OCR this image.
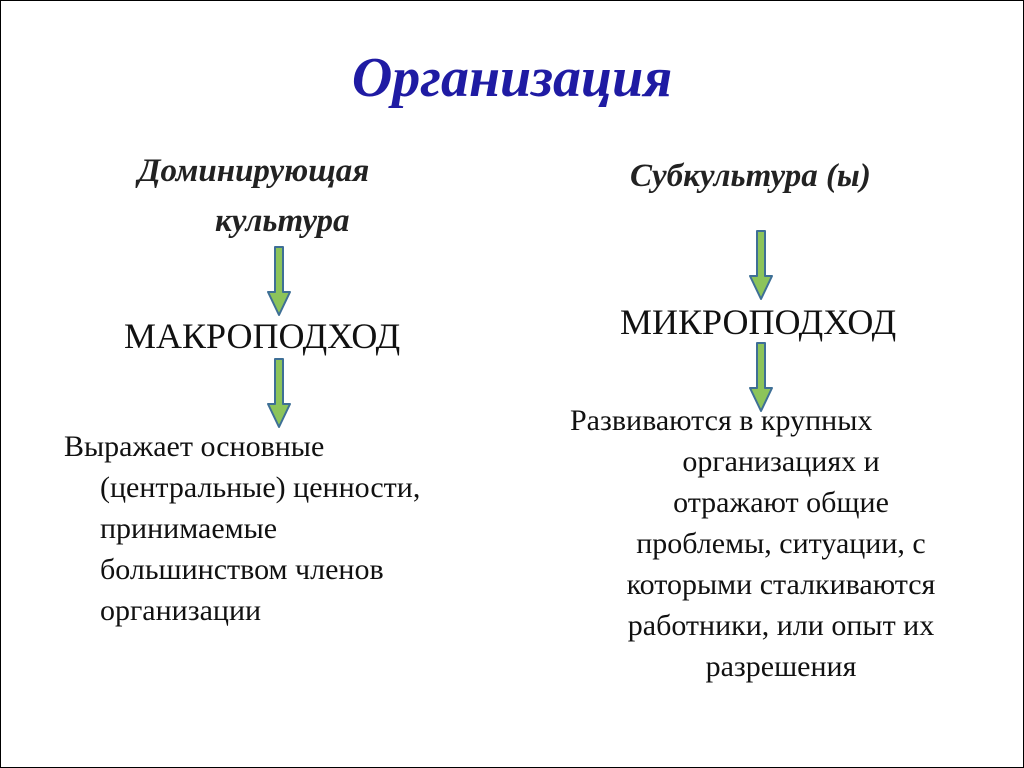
Организация
Доминирующая
культура
МАКРОПОДХОД
Выражает основные
(центральные) ценности,
принимаемые
большинством членов
организации
Субкультура (ы)
МИКРОПОДХОД
Развиваются в крупных
организациях и
отражают общие
проблемы, ситуации, с
которыми сталкиваются
работники, или опыт их
разрешения
